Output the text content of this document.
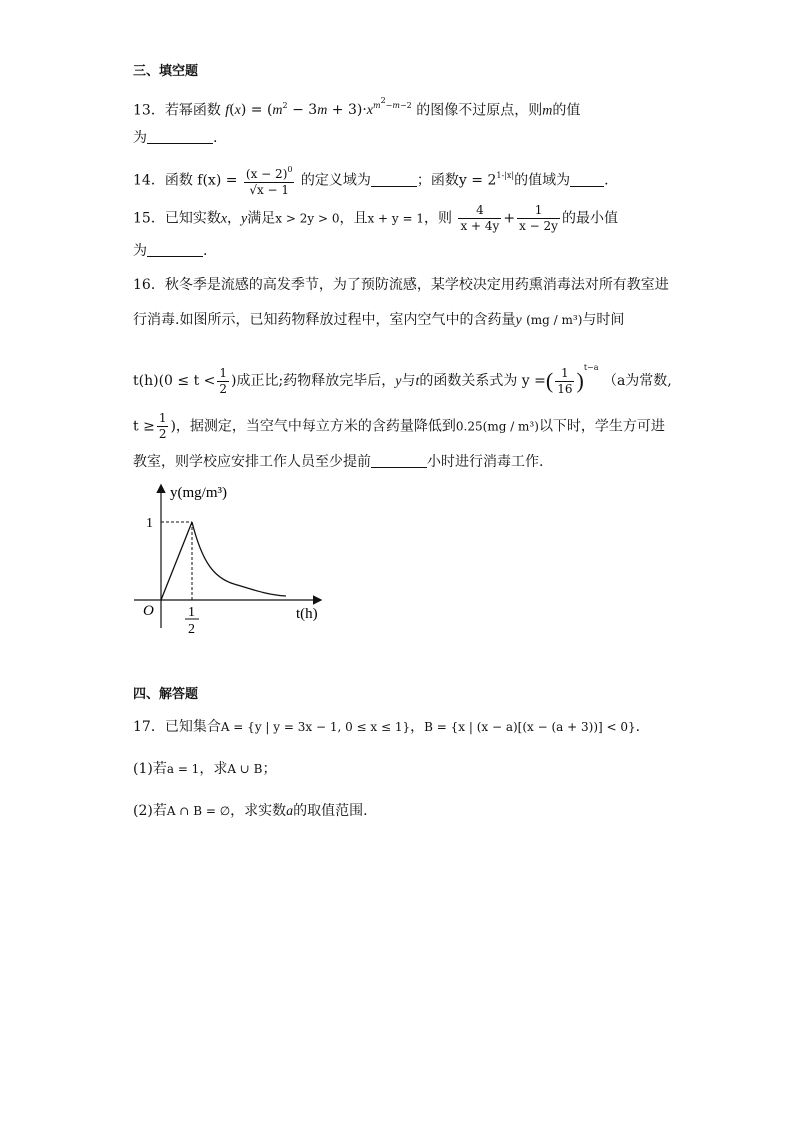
三、填空题
13．若幂函数 $f(x) = (m^2 - 3m + 3)\cdot x^{m^2-m-2}$ 的图像不过原点，则m的值
为	.
14．函数 $f(x) = \frac{(x - 2)^0}{√x - 1}$ 的定义域为	；函数$y = 2^{1-|x|}$的值域为 .
15．已知实数x，y满足x > 2y > 0，且x + y = 1，则 $\frac{4}{x + 4y} + \frac{1}{x - 2y}$ 的最小值
为	.
16．秋冬季是流感的高发季节，为了预防流感，某学校决定用药熏消毒法对所有教室进
行消毒.如图所示，已知药物释放过程中，室内空气中的含药量y (mg / m³)与时间
$t(h)(0 \le t < \frac{1}{2}$ )成正比;药物释放完毕后，y与t的函数关系式为 y =( $\frac{1}{16} )^{t-a}$ （a为常数,
$t \ge \frac{1}{2}$ )，据测定，当空气中每立方米的含药量降低到0.25(mg / m³)以下时，学生方可进
教室，则学校应安排工作人员至少提前	小时进行消毒工作.
y(mg/m³)
1
O 1
2
t(h)
四、解答题
17．已知集合A = {y | y = 3x − 1, 0 ≤ x ≤ 1}，B = {x | (x − a)[(x − (a + 3))] < 0}.
(1)若a = 1，求A ∪ B；
(2)若A ∩ B = ∅，求实数a的取值范围.
